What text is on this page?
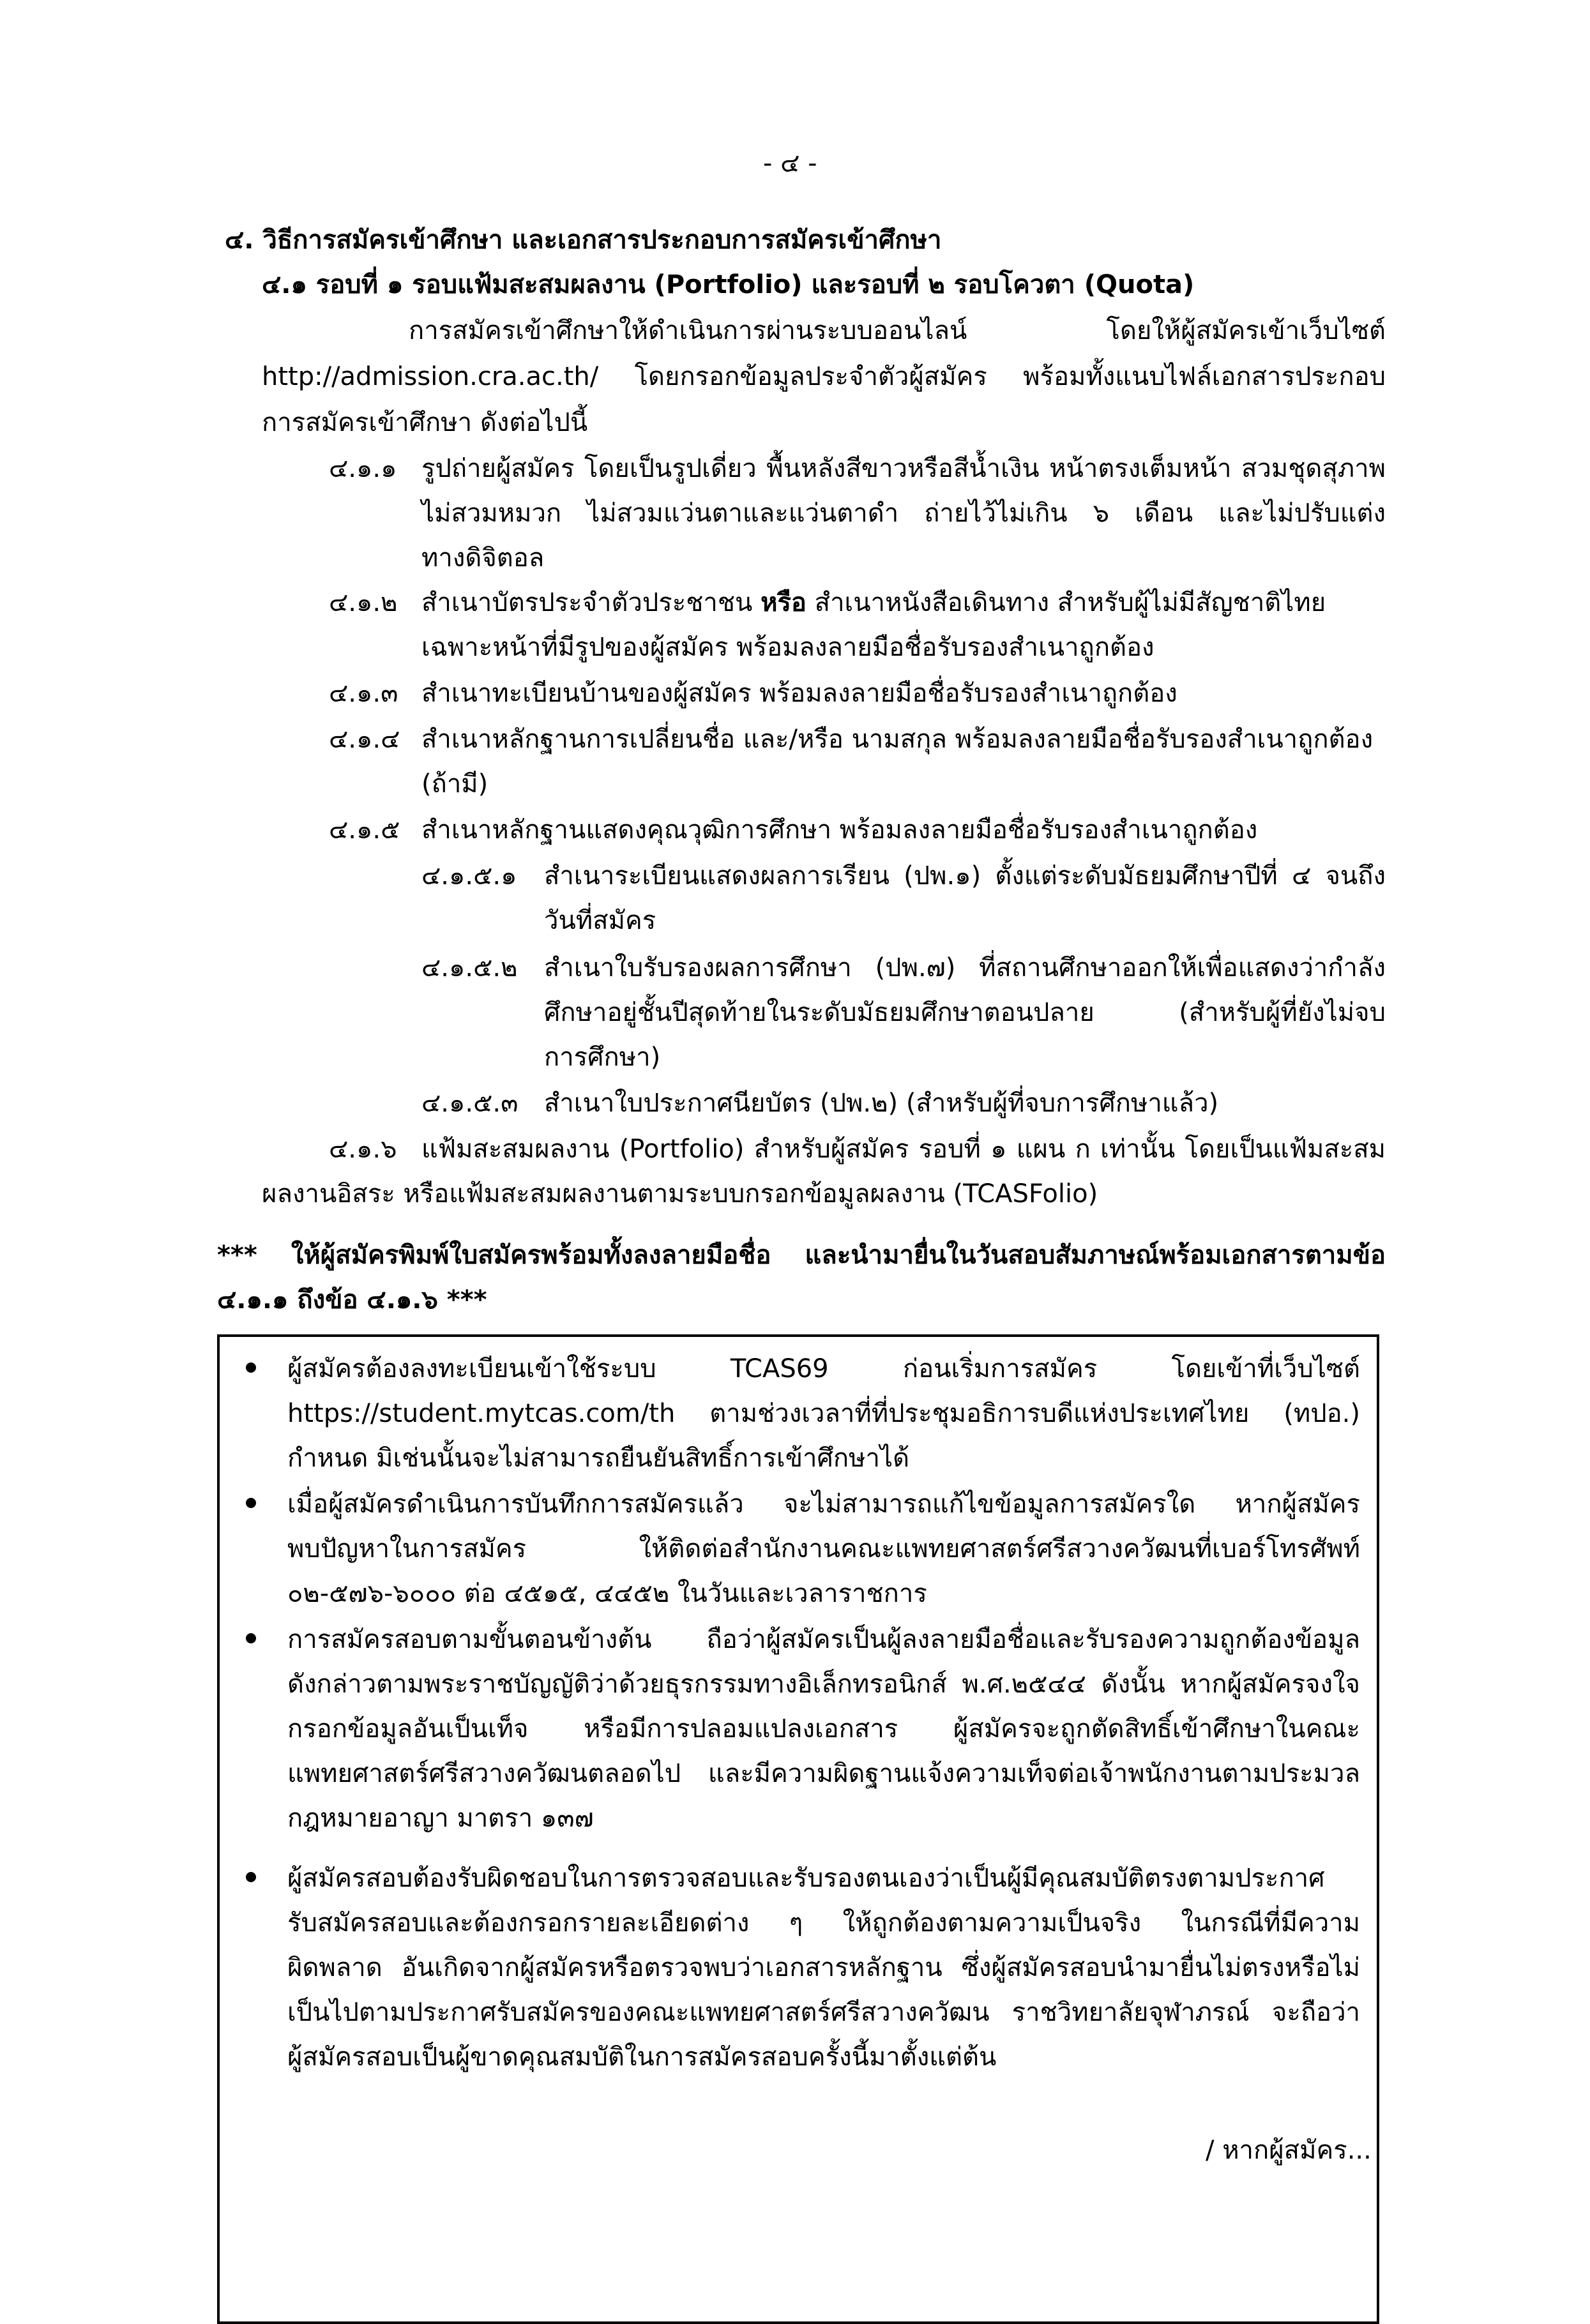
- ๔ -
๔. วิธีการสมัครเข้าศึกษา และเอกสารประกอบการสมัครเข้าศึกษา
๔.๑ รอบที่ ๑ รอบแฟ้มสะสมผลงาน (Portfolio) และรอบที่ ๒ รอบโควตา (Quota)
การสมัครเข้าศึกษาให้ดำเนินการผ่านระบบออนไลน์ โดยให้ผู้สมัครเข้าเว็บไซต์
http://admission.cra.ac.th/ โดยกรอกข้อมูลประจำตัวผู้สมัคร พร้อมทั้งแนบไฟล์เอกสารประกอบ
การสมัครเข้าศึกษา ดังต่อไปนี้
๔.๑.๑ รูปถ่ายผู้สมัคร โดยเป็นรูปเดี่ยว พื้นหลังสีขาวหรือสีน้ำเงิน หน้าตรงเต็มหน้า สวมชุดสุภาพ
ไม่สวมหมวก ไม่สวมแว่นตาและแว่นตาดำ ถ่ายไว้ไม่เกิน ๖ เดือน และไม่ปรับแต่ง
ทางดิจิตอล
๔.๑.๒ สำเนาบัตรประจำตัวประชาชน หรือ สำเนาหนังสือเดินทาง สำหรับผู้ไม่มีสัญชาติไทย
เฉพาะหน้าที่มีรูปของผู้สมัคร พร้อมลงลายมือชื่อรับรองสำเนาถูกต้อง
๔.๑.๓ สำเนาทะเบียนบ้านของผู้สมัคร พร้อมลงลายมือชื่อรับรองสำเนาถูกต้อง
๔.๑.๔ สำเนาหลักฐานการเปลี่ยนชื่อ และ/หรือ นามสกุล พร้อมลงลายมือชื่อรับรองสำเนาถูกต้อง
(ถ้ามี)
๔.๑.๕ สำเนาหลักฐานแสดงคุณวุฒิการศึกษา พร้อมลงลายมือชื่อรับรองสำเนาถูกต้อง
๔.๑.๕.๑ สำเนาระเบียนแสดงผลการเรียน (ปพ.๑) ตั้งแต่ระดับมัธยมศึกษาปีที่ ๔ จนถึง
วันที่สมัคร
๔.๑.๕.๒ สำเนาใบรับรองผลการศึกษา (ปพ.๗) ที่สถานศึกษาออกให้เพื่อแสดงว่ากำลัง
ศึกษาอยู่ชั้นปีสุดท้ายในระดับมัธยมศึกษาตอนปลาย (สำหรับผู้ที่ยังไม่จบ
การศึกษา)
๔.๑.๕.๓ สำเนาใบประกาศนียบัตร (ปพ.๒) (สำหรับผู้ที่จบการศึกษาแล้ว)
๔.๑.๖ แฟ้มสะสมผลงาน (Portfolio) สำหรับผู้สมัคร รอบที่ ๑ แผน ก เท่านั้น โดยเป็นแฟ้มสะสม
ผลงานอิสระ หรือแฟ้มสะสมผลงานตามระบบกรอกข้อมูลผลงาน (TCASFolio)
*** ให้ผู้สมัครพิมพ์ใบสมัครพร้อมทั้งลงลายมือชื่อ และนำมายื่นในวันสอบสัมภาษณ์พร้อมเอกสารตามข้อ
๔.๑.๑ ถึงข้อ ๔.๑.๖ ***
ผู้สมัครต้องลงทะเบียนเข้าใช้ระบบ TCAS69 ก่อนเริ่มการสมัคร โดยเข้าที่เว็บไซต์
https://student.mytcas.com/th ตามช่วงเวลาที่ที่ประชุมอธิการบดีแห่งประเทศไทย (ทปอ.)
กำหนด มิเช่นนั้นจะไม่สามารถยืนยันสิทธิ์การเข้าศึกษาได้
เมื่อผู้สมัครดำเนินการบันทึกการสมัครแล้ว จะไม่สามารถแก้ไขข้อมูลการสมัครใด หากผู้สมัคร
พบปัญหาในการสมัคร ให้ติดต่อสำนักงานคณะแพทยศาสตร์ศรีสวางควัฒนที่เบอร์โทรศัพท์
๐๒-๕๗๖-๖๐๐๐ ต่อ ๔๕๑๕, ๔๔๕๒ ในวันและเวลาราชการ
การสมัครสอบตามขั้นตอนข้างต้น ถือว่าผู้สมัครเป็นผู้ลงลายมือชื่อและรับรองความถูกต้องข้อมูล
ดังกล่าวตามพระราชบัญญัติว่าด้วยธุรกรรมทางอิเล็กทรอนิกส์ พ.ศ.๒๕๔๔ ดังนั้น หากผู้สมัครจงใจ
กรอกข้อมูลอันเป็นเท็จ หรือมีการปลอมแปลงเอกสาร ผู้สมัครจะถูกตัดสิทธิ์เข้าศึกษาในคณะ
แพทยศาสตร์ศรีสวางควัฒนตลอดไป และมีความผิดฐานแจ้งความเท็จต่อเจ้าพนักงานตามประมวล
กฎหมายอาญา มาตรา ๑๓๗
ผู้สมัครสอบต้องรับผิดชอบในการตรวจสอบและรับรองตนเองว่าเป็นผู้มีคุณสมบัติตรงตามประกาศ
รับสมัครสอบและต้องกรอกรายละเอียดต่าง ๆ ให้ถูกต้องตามความเป็นจริง ในกรณีที่มีความ
ผิดพลาด อันเกิดจากผู้สมัครหรือตรวจพบว่าเอกสารหลักฐาน ซึ่งผู้สมัครสอบนำมายื่นไม่ตรงหรือไม่
เป็นไปตามประกาศรับสมัครของคณะแพทยศาสตร์ศรีสวางควัฒน ราชวิทยาลัยจุฬาภรณ์ จะถือว่า
ผู้สมัครสอบเป็นผู้ขาดคุณสมบัติในการสมัครสอบครั้งนี้มาตั้งแต่ต้น
/ หากผู้สมัคร...
